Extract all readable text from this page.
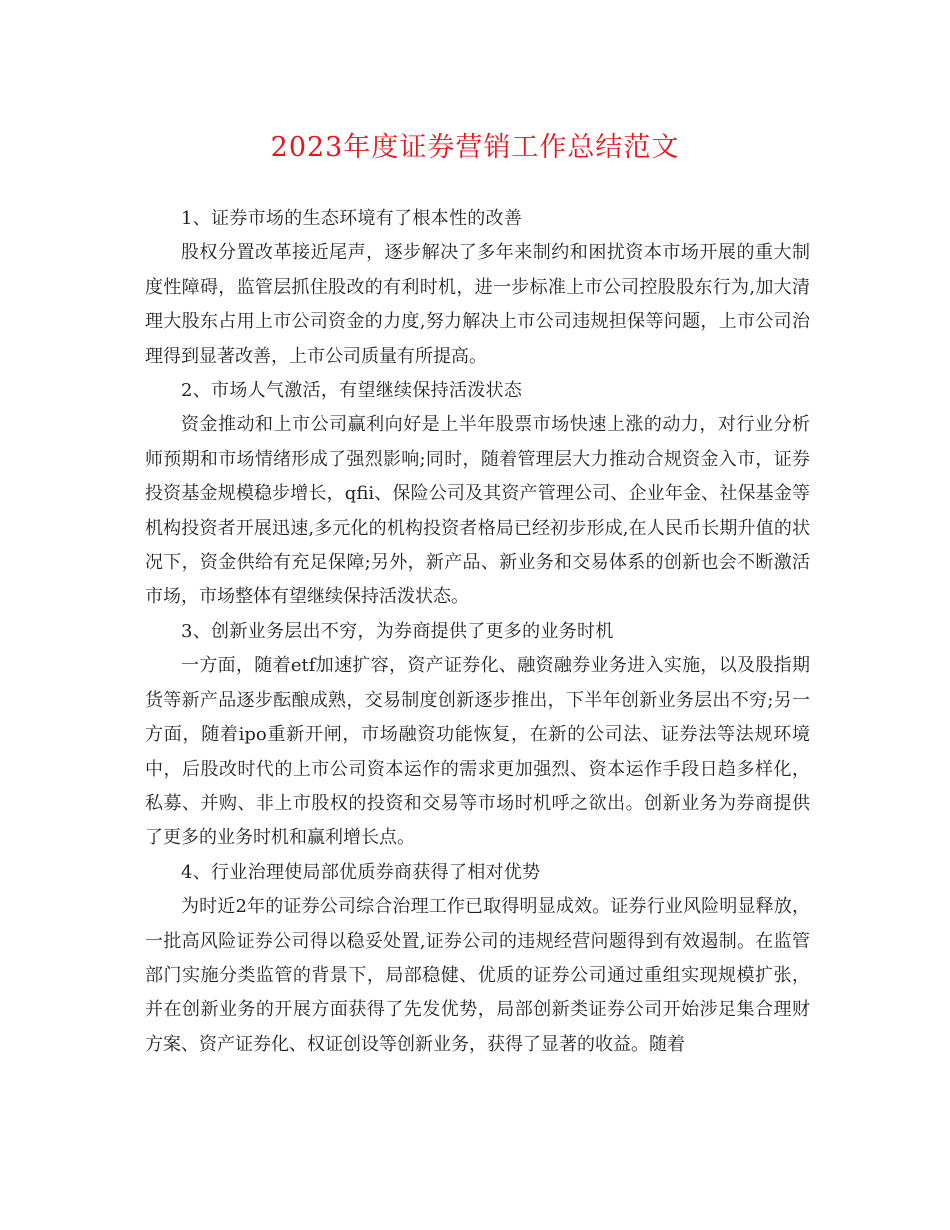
2023年度证券营销工作总结范文

1、证券市场的生态环境有了根本性的改善

股权分置改革接近尾声，逐步解决了多年来制约和困扰资本市场开展的重大制度性障碍，监管层抓住股改的有利时机，进一步标准上市公司控股股东行为,加大清理大股东占用上市公司资金的力度,努力解决上市公司违规担保等问题，上市公司治理得到显著改善，上市公司质量有所提高。

2、市场人气激活，有望继续保持活泼状态

资金推动和上市公司赢利向好是上半年股票市场快速上涨的动力，对行业分析师预期和市场情绪形成了强烈影响;同时，随着管理层大力推动合规资金入市，证券投资基金规模稳步增长，qfii、保险公司及其资产管理公司、企业年金、社保基金等机构投资者开展迅速,多元化的机构投资者格局已经初步形成,在人民币长期升值的状况下，资金供给有充足保障;另外，新产品、新业务和交易体系的创新也会不断激活市场，市场整体有望继续保持活泼状态。

3、创新业务层出不穷，为券商提供了更多的业务时机

一方面，随着etf加速扩容，资产证券化、融资融券业务进入实施，以及股指期货等新产品逐步酝酿成熟，交易制度创新逐步推出，下半年创新业务层出不穷;另一方面，随着ipo重新开闸，市场融资功能恢复，在新的公司法、证券法等法规环境中，后股改时代的上市公司资本运作的需求更加强烈、资本运作手段日趋多样化，私募、并购、非上市股权的投资和交易等市场时机呼之欲出。创新业务为券商提供了更多的业务时机和赢利增长点。

4、行业治理使局部优质券商获得了相对优势

为时近2年的证券公司综合治理工作已取得明显成效。证券行业风险明显释放，一批高风险证券公司得以稳妥处置,证券公司的违规经营问题得到有效遏制。在监管部门实施分类监管的背景下，局部稳健、优质的证券公司通过重组实现规模扩张，并在创新业务的开展方面获得了先发优势，局部创新类证券公司开始涉足集合理财方案、资产证券化、权证创设等创新业务，获得了显著的收益。随着
